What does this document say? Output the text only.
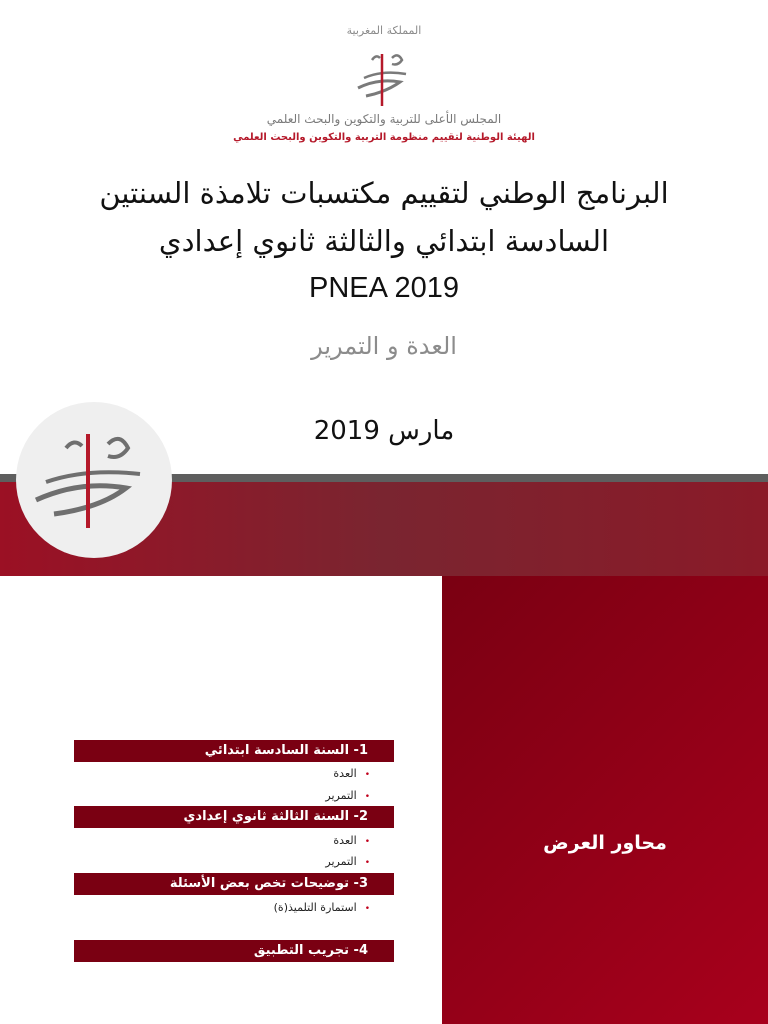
المملكة المغربية
المجلس الأعلى للتربية والتكوين والبحث العلمي
الهيئة الوطنية لتقييم منظومة التربية والتكوين والبحث العلمي
البرنامج الوطني لتقييم مكتسبات تلامذة السنتين
السادسة ابتدائي والثالثة ثانوي إعدادي
PNEA 2019
العدة و التمرير
مارس 2019
محاور العرض
1- السنة السادسة ابتدائي
•العدة
•التمرير
2- السنة الثالثة ثانوي إعدادي
•العدة
•التمرير
3- توضيحات تخص بعض الأسئلة
•استمارة التلميذ(ة)
4- تجريب التطبيق
